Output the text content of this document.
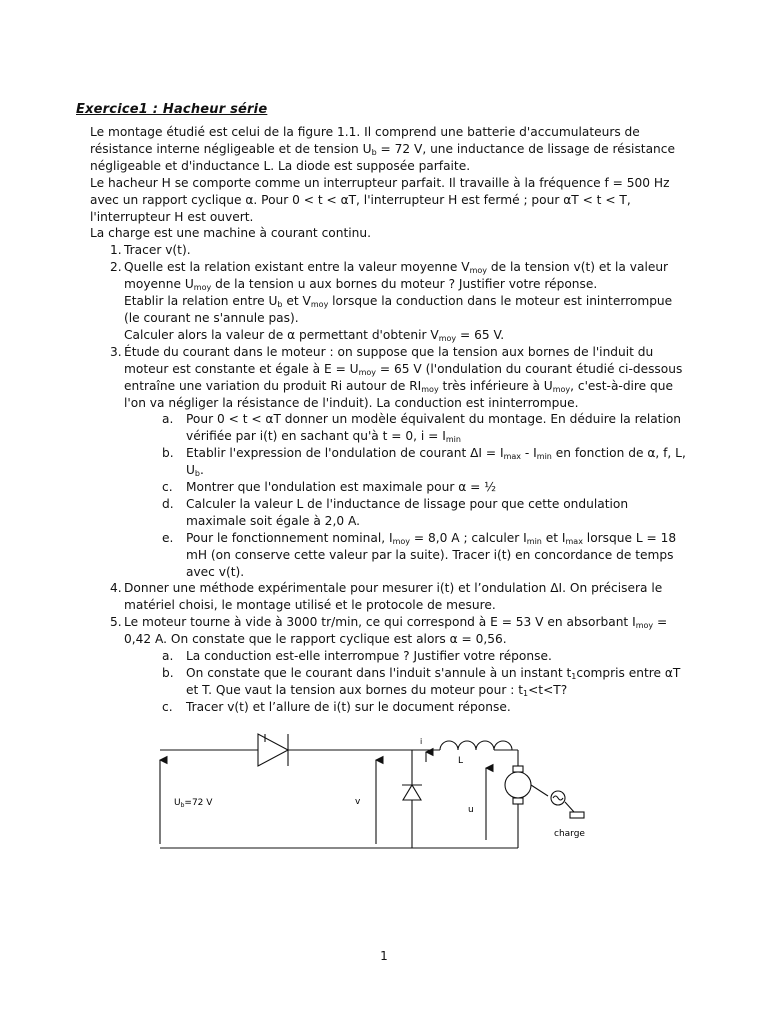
Exercice1 : Hacheur série

Le montage étudié est celui de la figure 1.1. Il comprend une batterie d'accumulateurs de résistance interne négligeable et de tension $U_b = 72$ V, une inductance de lissage de résistance négligeable et d'inductance L. La diode est supposée parfaite.

Le hacheur H se comporte comme un interrupteur parfait. Il travaille à la fréquence f = 500 Hz avec un rapport cyclique α. Pour 0 < t < αT, l'interrupteur H est fermé ; pour αT < t < T, l'interrupteur H est ouvert.

La charge est une machine à courant continu.

1. Tracer v(t).
2. Quelle est la relation existant entre la valeur moyenne $V_{moy}$ de la tension v(t) et la valeur moyenne $U_{moy}$ de la tension u aux bornes du moteur ? Justifier votre réponse.
Etablir la relation entre $U_b$ et $V_{moy}$ lorsque la conduction dans le moteur est ininterrompue (le courant ne s'annule pas).
Calculer alors la valeur de α permettant d'obtenir $V_{moy} = 65$ V.
3. Étude du courant dans le moteur : on suppose que la tension aux bornes de l'induit du moteur est constante et égale à $E = U_{moy} = 65$ V (l'ondulation du courant étudié ci-dessous entraîne une variation du produit Ri autour de $RI_{moy}$ très inférieure à $U_{moy}$, c'est-à-dire que l'on va négliger la résistance de l'induit). La conduction est ininterrompue.
a. Pour 0 < t < αT donner un modèle équivalent du montage. En déduire la relation vérifiée par i(t) en sachant qu'à t = 0, $i = I_{min}$
b. Etablir l'expression de l'ondulation de courant $\Delta I = I_{max} - I_{min}$ en fonction de α, f, L, $U_b$.
c. Montrer que l'ondulation est maximale pour α = ½
d. Calculer la valeur L de l'inductance de lissage pour que cette ondulation maximale soit égale à 2,0 A.
e. Pour le fonctionnement nominal, $I_{moy} = 8,0$ A ; calculer $I_{min}$ et $I_{max}$ lorsque L = 18 mH (on conserve cette valeur par la suite). Tracer i(t) en concordance de temps avec v(t).
4. Donner une méthode expérimentale pour mesurer i(t) et l’ondulation ΔI. On précisera le matériel choisi, le montage utilisé et le protocole de mesure.
5. Le moteur tourne à vide à 3000 tr/min, ce qui correspond à E = 53 V en absorbant $I_{moy} = 0,42$ A. On constate que le rapport cyclique est alors α = 0,56.
a. La conduction est-elle interrompue ? Justifier votre réponse.
b. On constate que le courant dans l'induit s'annule à un instant $t_1compris$ entre αT et T. Que vaut la tension aux bornes du moteur pour : $t_1<t<T$?
c. Tracer v(t) et l’allure de i(t) sur le document réponse.
$U_b=72$ V	v
u
i
L
charge
1
